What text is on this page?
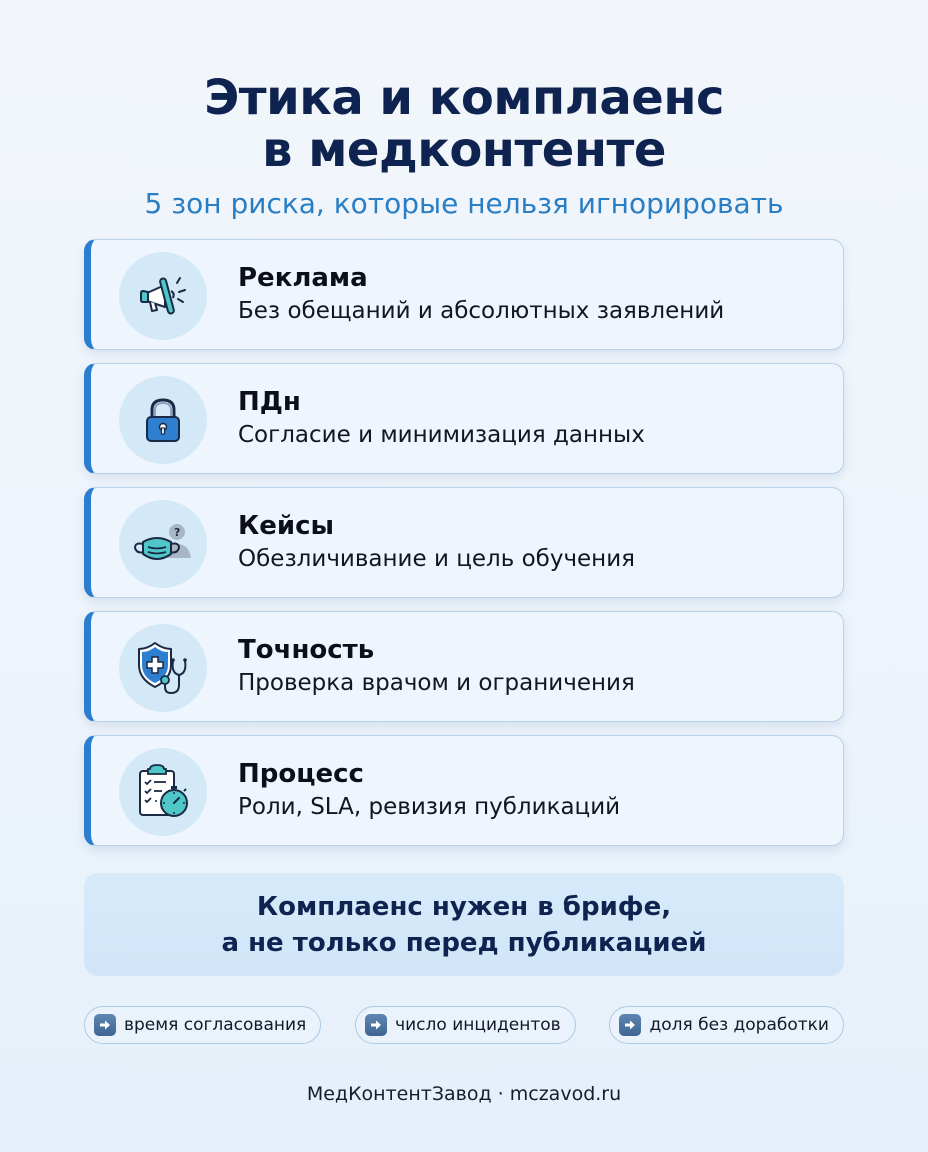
Этика и комплаенс
в медконтенте
5 зон риска, которые нельзя игнорировать
Реклама
Без обещаний и абсолютных заявлений
ПДн
Согласие и минимизация данных
? Кейсы
Обезличивание и цель обучения
Точность
Проверка врачом и ограничения
Процесс
Роли, SLA, ревизия публикаций
Комплаенс нужен в брифе,
а не только перед публикацией
время согласования	число инцидентов	доля без доработки
МедКонтентЗавод · mczavod.ru
